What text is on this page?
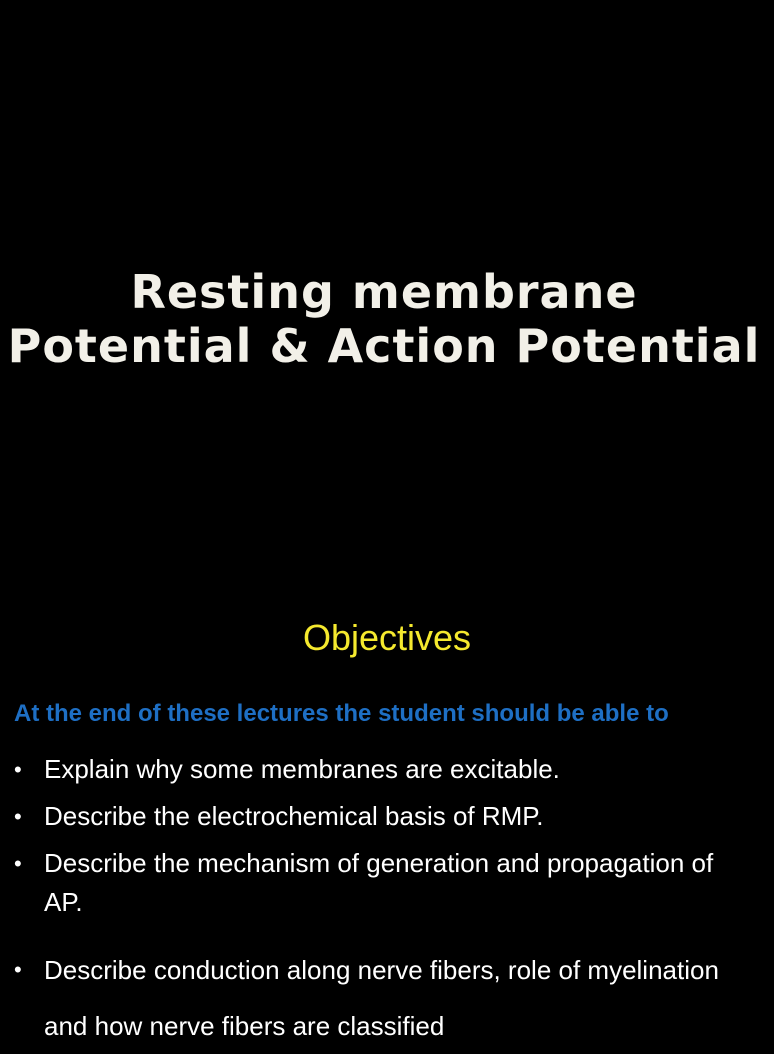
Resting membrane
Potential & Action Potential
Objectives
At the end of these lectures the student should be able to
• Explain why some membranes are excitable.
• Describe the electrochemical basis of RMP.
• Describe the mechanism of generation and propagation of AP.
• Describe conduction along nerve fibers, role of myelination and how nerve fibers are classified
